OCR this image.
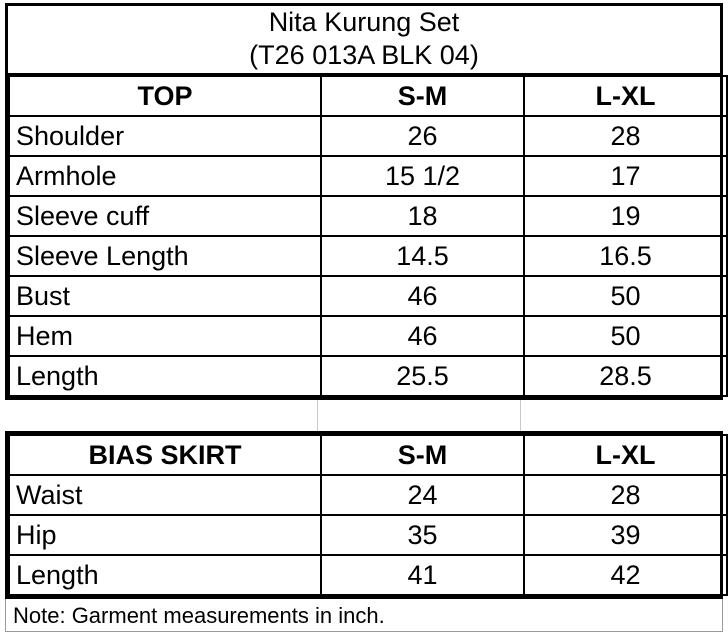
Nita Kurung Set
(T26 013A BLK 04)
TOP	S-M	L-XL
Shoulder	26	28
Armhole	15 1/2	17
Sleeve cuff	18	19
Sleeve Length	14.5	16.5
Bust	46	50
Hem	46	50
Length	25.5	28.5
BIAS SKIRT	S-M	L-XL
Waist	24	28
Hip	35	39
Length	41	42
Note: Garment measurements in inch.
